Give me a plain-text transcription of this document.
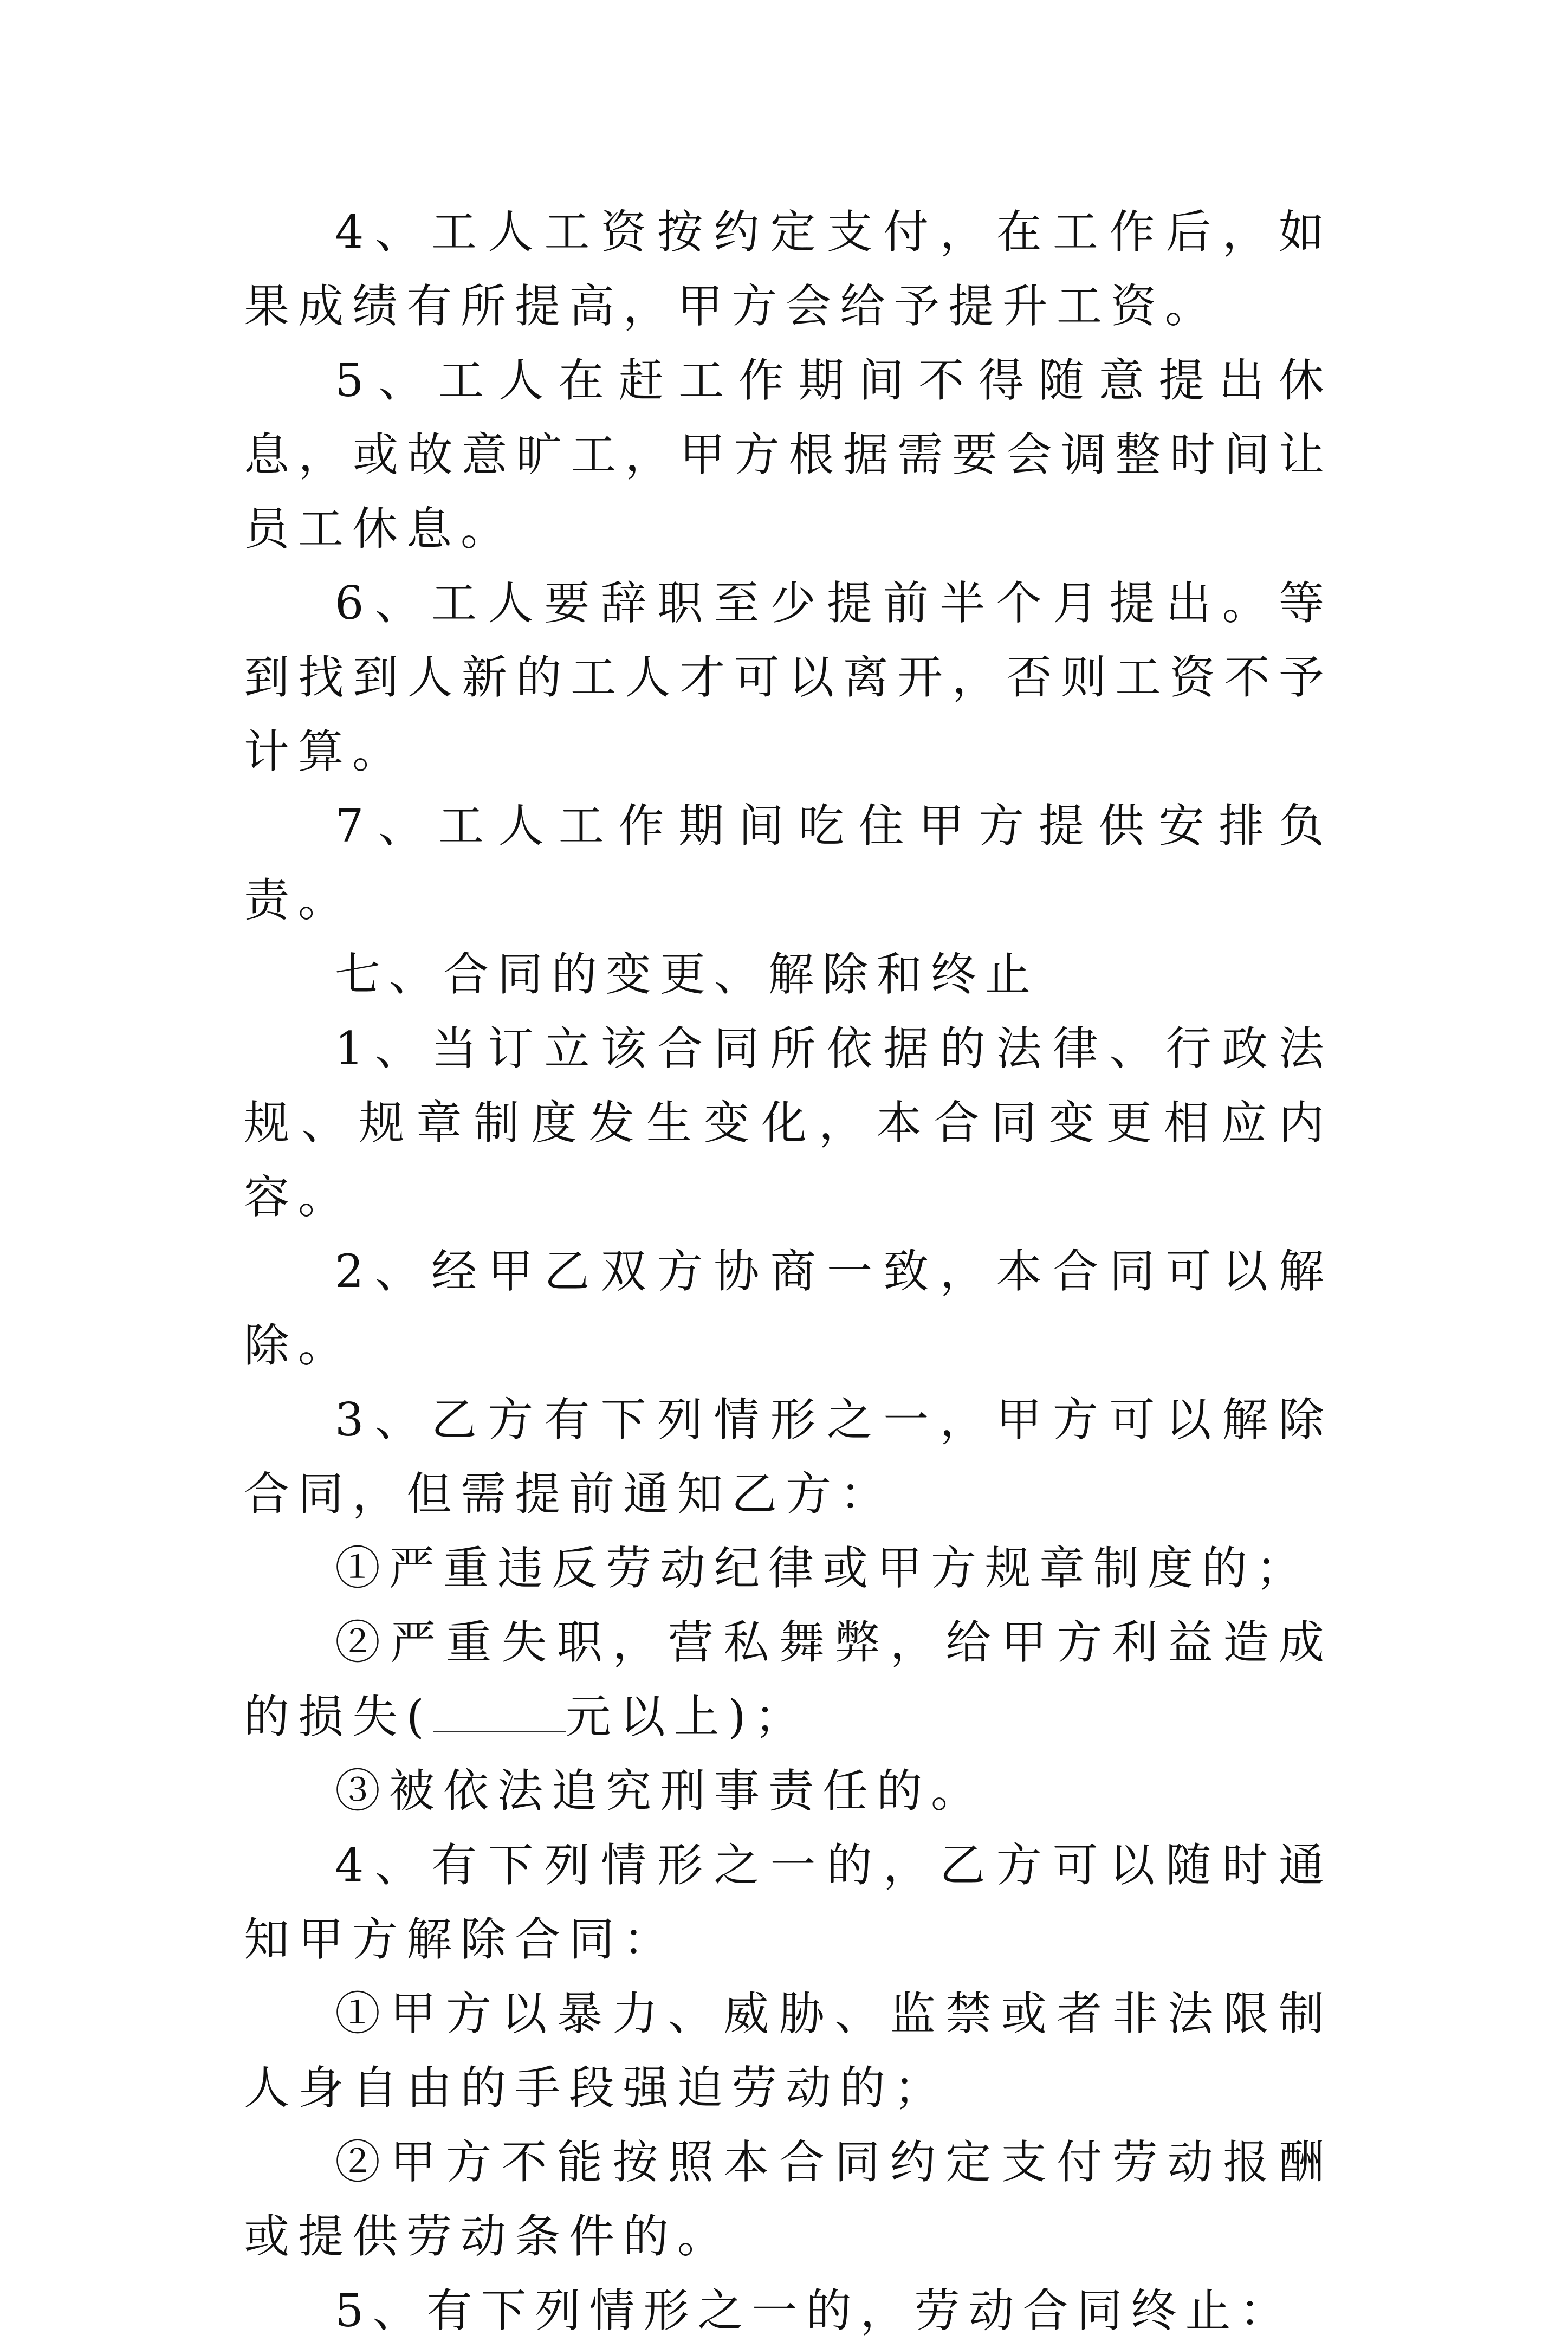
4、工人工资按约定支付，在工作后，如果成绩有所提高，甲方会给予提升工资。

5、工人在赶工作期间不得随意提出休息，或故意旷工，甲方根据需要会调整时间让员工休息。

6、工人要辞职至少提前半个月提出。等到找到人新的工人才可以离开，否则工资不予计算。

7、工人工作期间吃住甲方提供安排负责。

七、合同的变更、解除和终止

1、当订立该合同所依据的法律、行政法规、规章制度发生变化，本合同变更相应内容。

2、经甲乙双方协商一致，本合同可以解除。

3、乙方有下列情形之一，甲方可以解除合同，但需提前通知乙方：

①严重违反劳动纪律或甲方规章制度的；

②严重失职，营私舞弊，给甲方利益造成的损失(	元以上)；

③被依法追究刑事责任的。

4、有下列情形之一的，乙方可以随时通知甲方解除合同：

①甲方以暴力、威胁、监禁或者非法限制人身自由的手段强迫劳动的；

②甲方不能按照本合同约定支付劳动报酬或提供劳动条件的。

5、有下列情形之一的，劳动合同终止：
